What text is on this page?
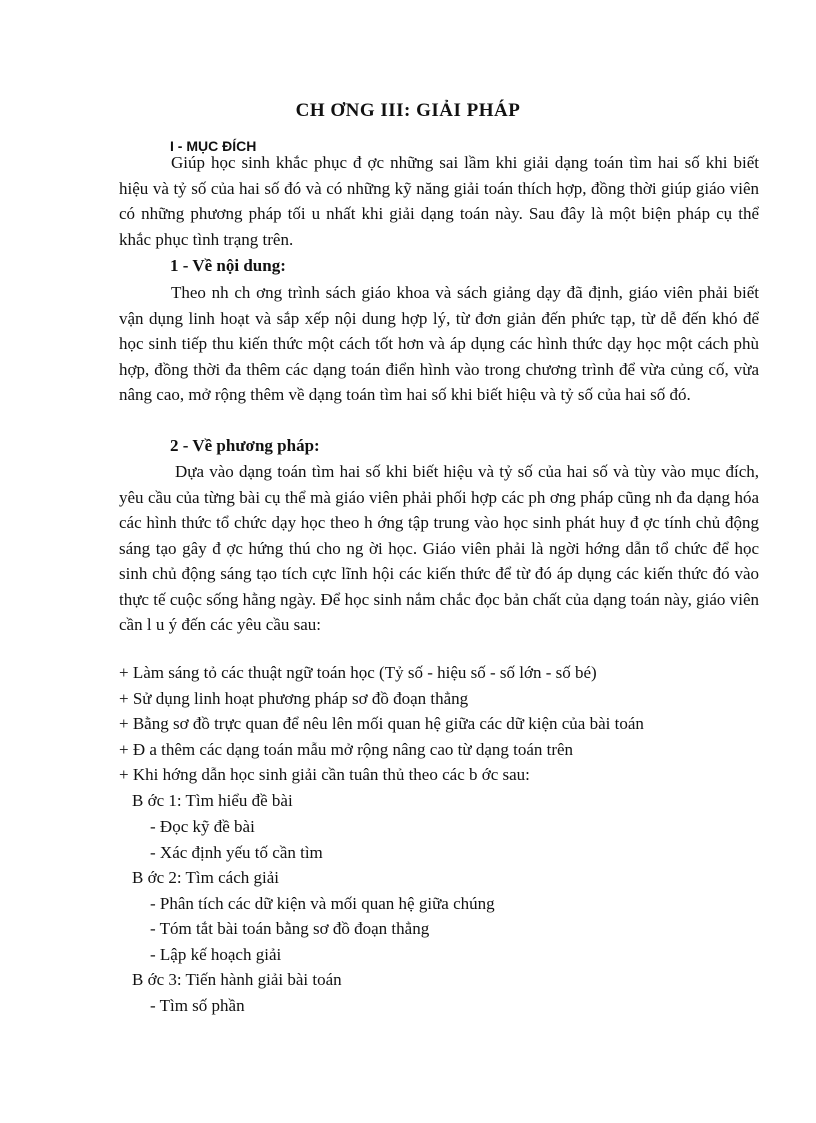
CH ƠNG III: GIẢI PHÁP
I - MỤC ĐÍCH

Giúp học sinh khắc phục đ ợc những sai lầm khi giải dạng toán tìm hai số khi biết hiệu và tỷ số của hai số đó và có những kỹ năng giải toán thích hợp, đồng thời giúp giáo viên có những phương pháp tối u nhất khi giải dạng toán này. Sau đây là một biện pháp cụ thể khắc phục tình trạng trên.

1 - Về nội dung:

Theo nh ch ơng trình sách giáo khoa và sách giảng dạy đã định, giáo viên phải biết vận dụng linh hoạt và sắp xếp nội dung hợp lý, từ đơn giản đến phức tạp, từ dễ đến khó để học sinh tiếp thu kiến thức một cách tốt hơn và áp dụng các hình thức dạy học một cách phù hợp, đồng thời đa thêm các dạng toán điển hình vào trong chương trình để vừa củng cố, vừa nâng cao, mở rộng thêm về dạng toán tìm hai số khi biết hiệu và tỷ số của hai số đó.

2 - Về phương pháp:

Dựa vào dạng toán tìm hai số khi biết hiệu và tỷ số của hai số và tùy vào mục đích, yêu cầu của từng bài cụ thể mà giáo viên phải phối hợp các ph ơng pháp cũng nh đa dạng hóa các hình thức tổ chức dạy học theo h ớng tập trung vào học sinh phát huy đ ợc tính chủ động sáng tạo gây đ ợc hứng thú cho ng ời học. Giáo viên phải là ngời hớng dẫn tổ chức để học sinh chủ động sáng tạo tích cực lĩnh hội các kiến thức để từ đó áp dụng các kiến thức đó vào thực tế cuộc sống hằng ngày. Để học sinh nắm chắc đọc bản chất của dạng toán này, giáo viên cần l u ý đến các yêu cầu sau:

+ Làm sáng tỏ các thuật ngữ toán học (Tỷ số - hiệu số - số lớn - số bé)
+ Sử dụng linh hoạt phương pháp sơ đồ đoạn thẳng
+ Bằng sơ đồ trực quan để nêu lên mối quan hệ giữa các dữ kiện của bài toán
+ Đ a thêm các dạng toán mẫu mở rộng nâng cao từ dạng toán trên
+ Khi hớng dẫn học sinh giải cần tuân thủ theo các b ớc sau:
B ớc 1: Tìm hiểu đề bài
- Đọc kỹ đề bài
- Xác định yếu tố cần tìm
B ớc 2: Tìm cách giải
- Phân tích các dữ kiện và mối quan hệ giữa chúng
- Tóm tắt bài toán bằng sơ đồ đoạn thẳng
- Lập kế hoạch giải
B ớc 3: Tiến hành giải bài toán
- Tìm số phần
